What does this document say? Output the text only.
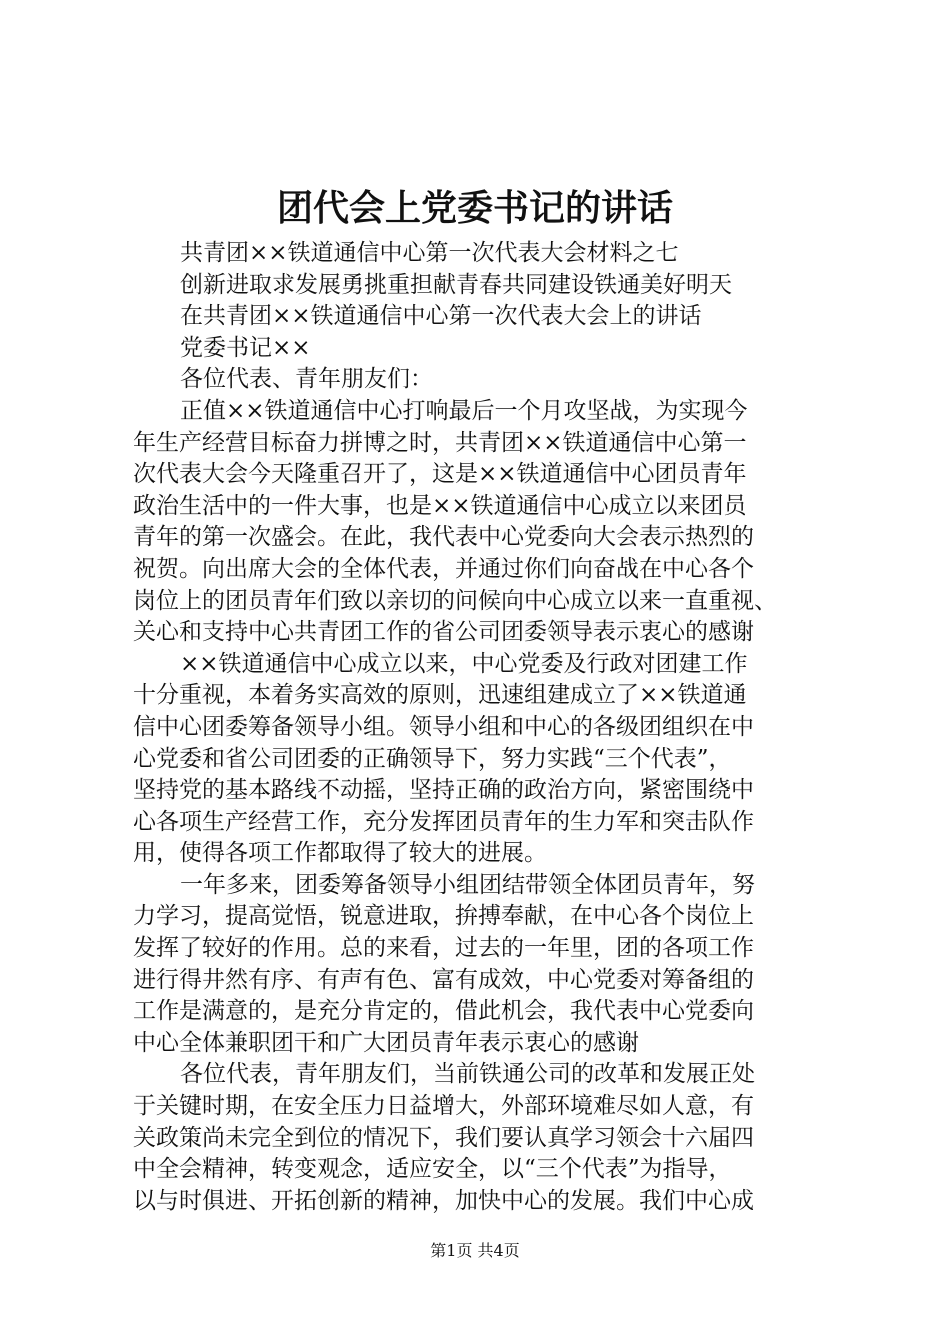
团代会上党委书记的讲话
共青团××铁道通信中心第一次代表大会材料之七
创新进取求发展勇挑重担献青春共同建设铁通美好明天
在共青团××铁道通信中心第一次代表大会上的讲话
党委书记××
各位代表、青年朋友们：
正值××铁道通信中心打响最后一个月攻坚战，为实现今
年生产经营目标奋力拼博之时，共青团××铁道通信中心第一
次代表大会今天隆重召开了，这是××铁道通信中心团员青年
政治生活中的一件大事，也是××铁道通信中心成立以来团员
青年的第一次盛会。在此，我代表中心党委向大会表示热烈的
祝贺。向出席大会的全体代表，并通过你们向奋战在中心各个
岗位上的团员青年们致以亲切的问候向中心成立以来一直重视、
关心和支持中心共青团工作的省公司团委领导表示衷心的感谢
××铁道通信中心成立以来，中心党委及行政对团建工作
十分重视，本着务实高效的原则，迅速组建成立了××铁道通
信中心团委筹备领导小组。领导小组和中心的各级团组织在中
心党委和省公司团委的正确领导下，努力实践“三个代表”，
坚持党的基本路线不动摇，坚持正确的政治方向，紧密围绕中
心各项生产经营工作，充分发挥团员青年的生力军和突击队作
用，使得各项工作都取得了较大的进展。
一年多来，团委筹备领导小组团结带领全体团员青年，努
力学习，提高觉悟，锐意进取，拚搏奉献，在中心各个岗位上
发挥了较好的作用。总的来看，过去的一年里，团的各项工作
进行得井然有序、有声有色、富有成效，中心党委对筹备组的
工作是满意的，是充分肯定的，借此机会，我代表中心党委向
中心全体兼职团干和广大团员青年表示衷心的感谢
各位代表，青年朋友们，当前铁通公司的改革和发展正处
于关键时期，在安全压力日益增大，外部环境难尽如人意，有
关政策尚未完全到位的情况下，我们要认真学习领会十六届四
中全会精神，转变观念，适应安全，以“三个代表”为指导，
以与时俱进、开拓创新的精神，加快中心的发展。我们中心成
第1页 共4页
